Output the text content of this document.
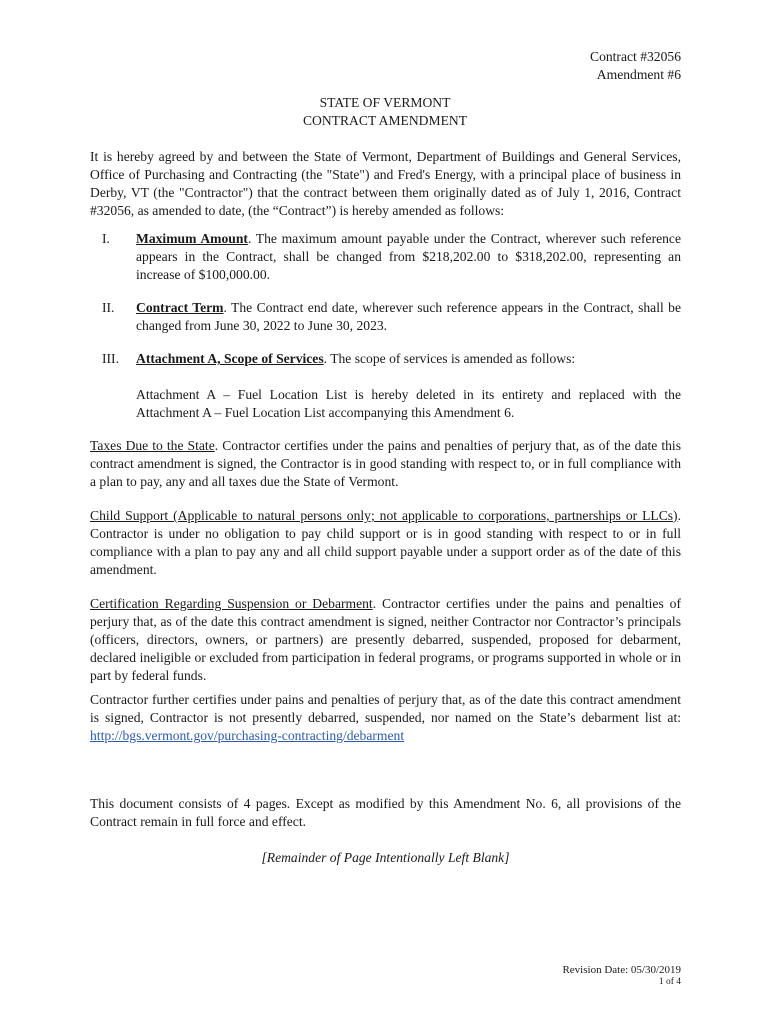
Contract #32056
Amendment #6
STATE OF VERMONT
CONTRACT AMENDMENT

It is hereby agreed by and between the State of Vermont, Department of Buildings and General Services, Office of Purchasing and Contracting (the "State") and Fred's Energy, with a principal place of business in Derby, VT (the "Contractor") that the contract between them originally dated as of July 1, 2016, Contract #32056, as amended to date, (the “Contract”) is hereby amended as follows:

I. Maximum Amount. The maximum amount payable under the Contract, wherever such reference appears in the Contract, shall be changed from $218,202.00 to $318,202.00, representing an increase of $100,000.00.
II. Contract Term. The Contract end date, wherever such reference appears in the Contract, shall be changed from June 30, 2022 to June 30, 2023.
III. Attachment A, Scope of Services. The scope of services is amended as follows:
Attachment A – Fuel Location List is hereby deleted in its entirety and replaced with the Attachment A – Fuel Location List accompanying this Amendment 6.

Taxes Due to the State. Contractor certifies under the pains and penalties of perjury that, as of the date this contract amendment is signed, the Contractor is in good standing with respect to, or in full compliance with a plan to pay, any and all taxes due the State of Vermont.

Child Support (Applicable to natural persons only; not applicable to corporations, partnerships or LLCs). Contractor is under no obligation to pay child support or is in good standing with respect to or in full compliance with a plan to pay any and all child support payable under a support order as of the date of this amendment.

Certification Regarding Suspension or Debarment. Contractor certifies under the pains and penalties of perjury that, as of the date this contract amendment is signed, neither Contractor nor Contractor’s principals (officers, directors, owners, or partners) are presently debarred, suspended, proposed for debarment, declared ineligible or excluded from participation in federal programs, or programs supported in whole or in part by federal funds.

Contractor further certifies under pains and penalties of perjury that, as of the date this contract amendment is signed, Contractor is not presently debarred, suspended, nor named on the State’s debarment list at: http://bgs.vermont.gov/purchasing-contracting/debarment

This document consists of 4 pages. Except as modified by this Amendment No. 6, all provisions of the Contract remain in full force and effect.

[Remainder of Page Intentionally Left Blank]

Revision Date: 05/30/2019
1 of 4
